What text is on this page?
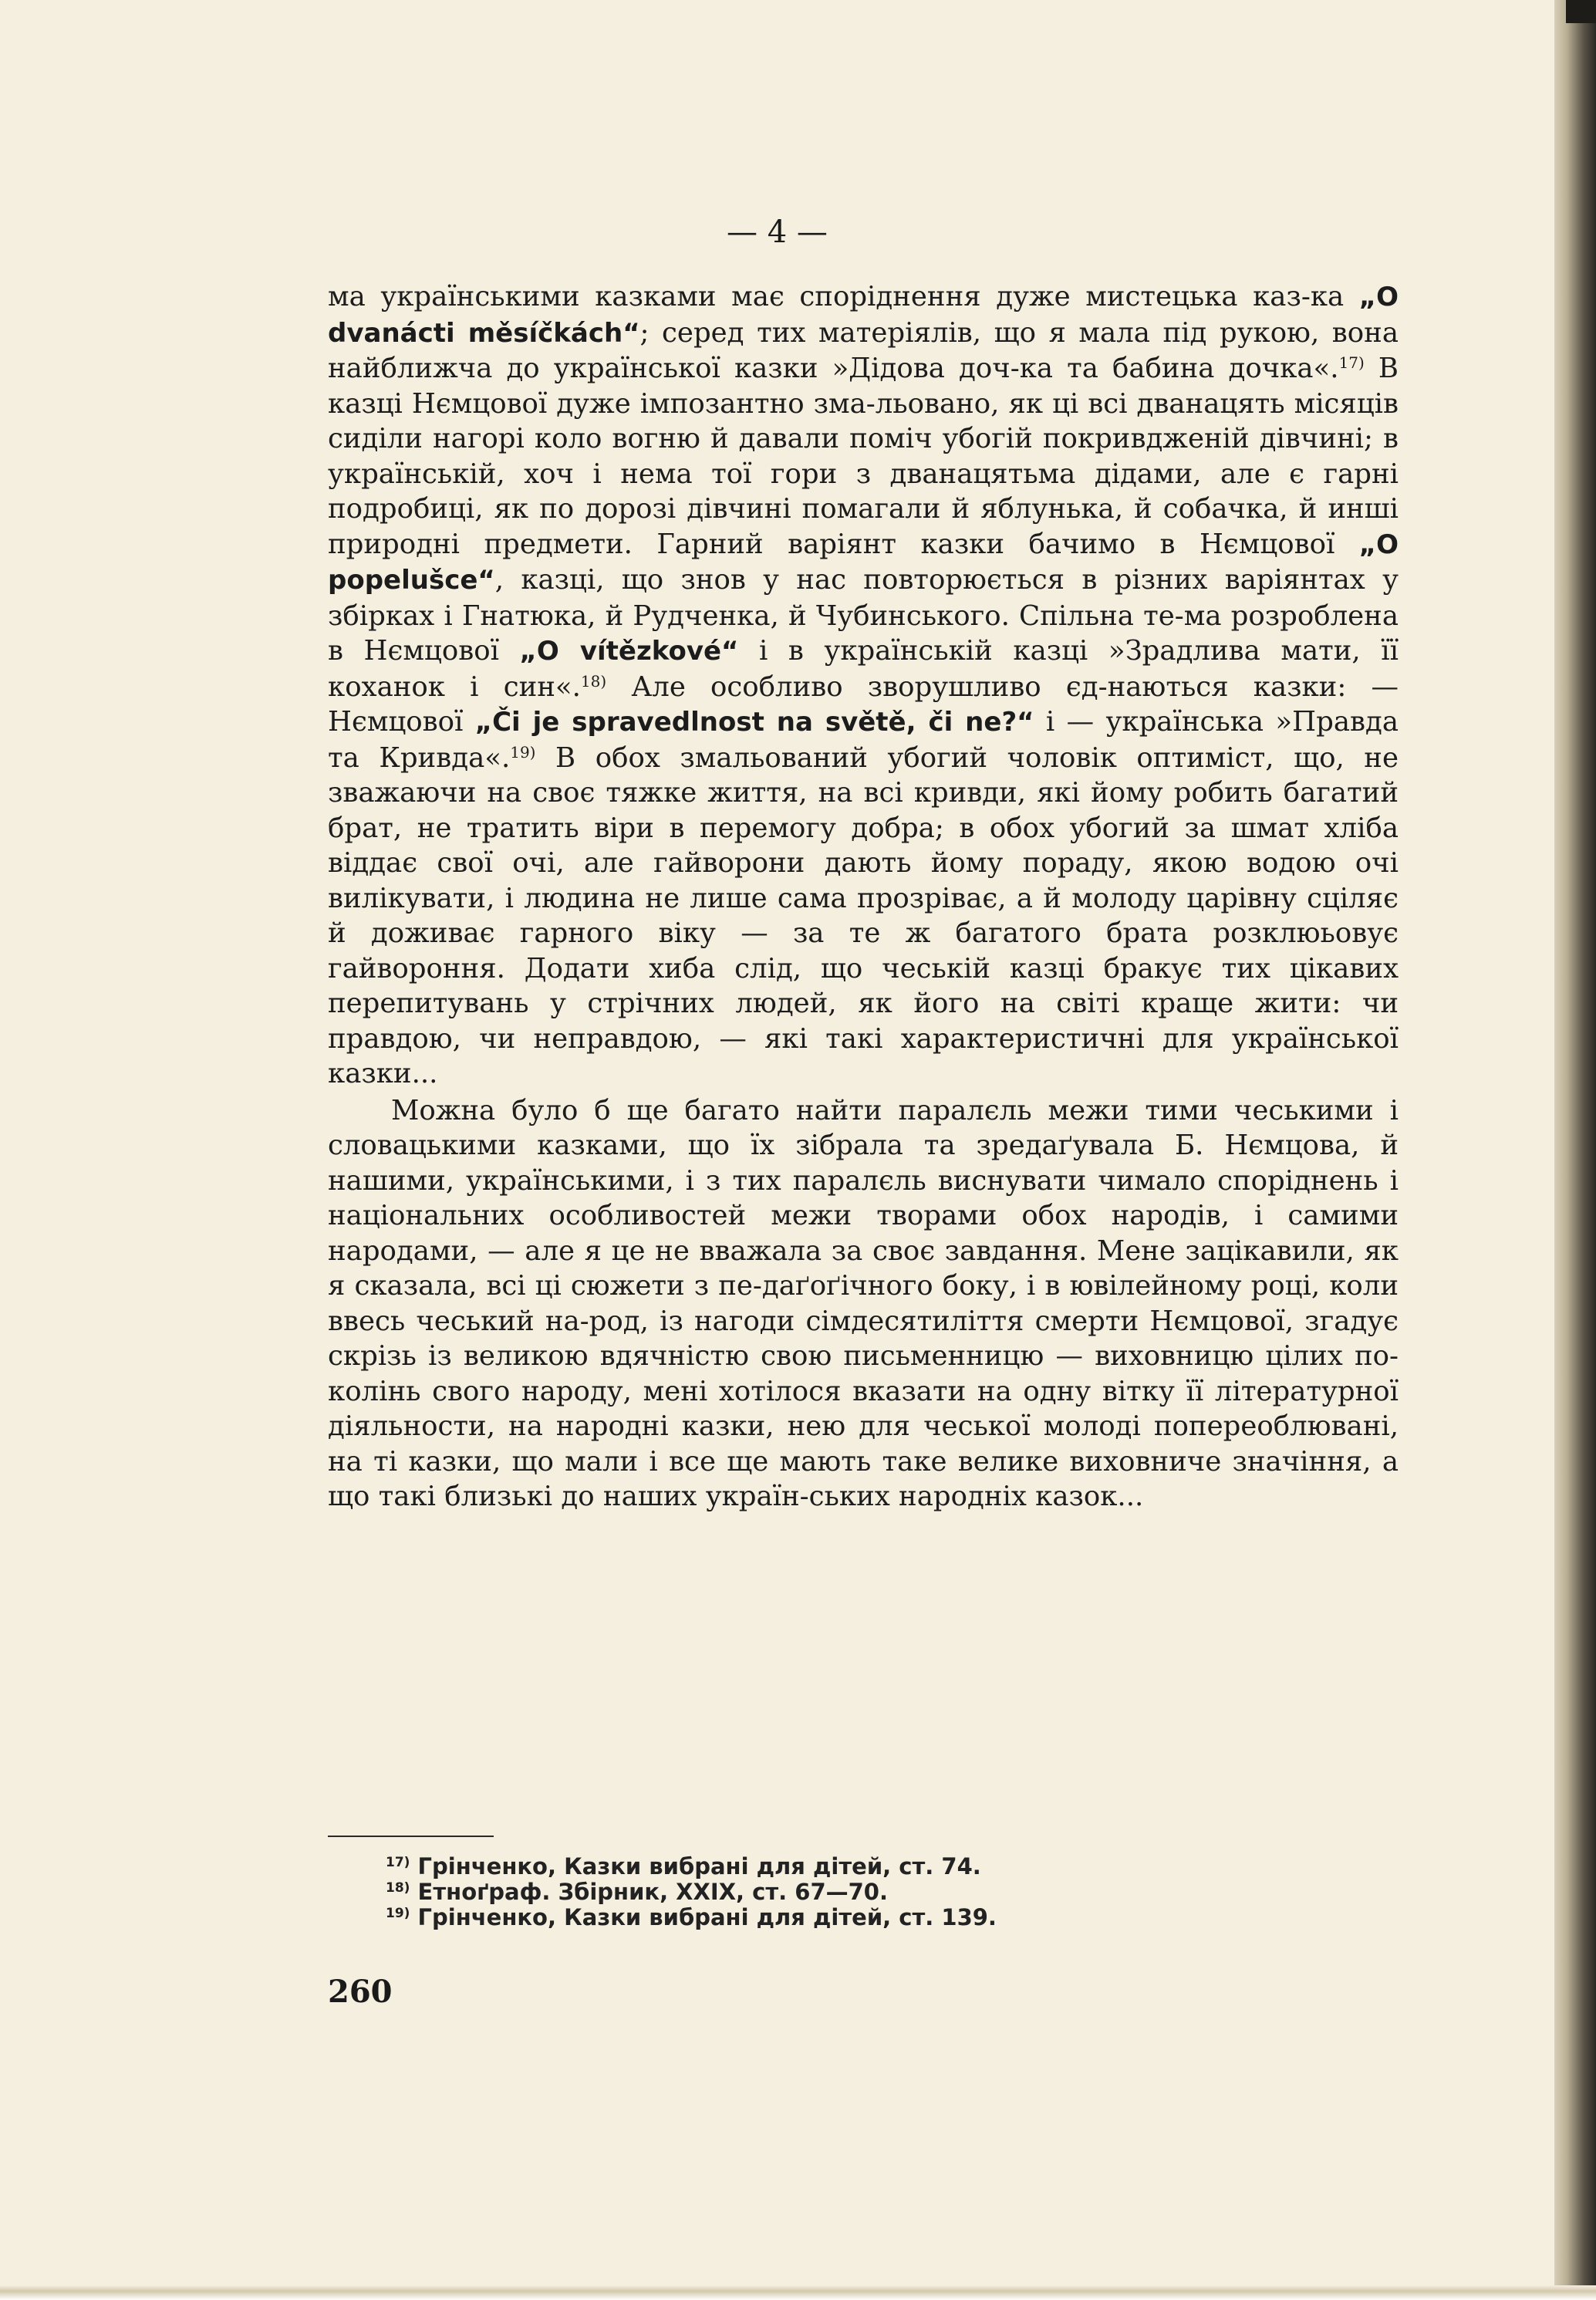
— 4 —

ма українськими казками має споріднення дуже мистецька каз-ка „O dvanácti měsíčkách“; серед тих матеріялів, що я мала під рукою, вона найближча до української казки »Дідова доч-ка та бабина дочка«.$^{17)}$ В казці Нємцової дуже імпозантно зма-льовано, як ці всі дванацять місяців сиділи нагорі коло вогню й давали поміч убогій покривдженій дівчині; в українській, хоч і нема тої гори з дванацятьма дідами, але є гарні подробиці, як по дорозі дівчині помагали й яблунька, й собачка, й инші природні предмети. Гарний варіянт казки бачимо в Нємцової „O popelušce“, казці, що знов у нас повторюється в різних варіянтах у збірках і Гнатюка, й Рудченка, й Чубинського. Спільна те-ма розроблена в Нємцової „O vítězkové“ і в українській казці »Зрадлива мати, її коханок і син«.$^{18)}$ Але особливо зворушливо єд-наються казки: — Нємцової „Či je spravedlnost na světě, či ne?“ і — українська »Правда та Кривда«.$^{19)}$ В обох змальований убогий чоловік оптиміст, що, не зважаючи на своє тяжке життя, на всі кривди, які йому робить багатий брат, не тратить віри в перемогу добра; в обох убогий за шмат хліба віддає свої очі, але гайворони дають йому пораду, якою водою очі вилікувати, і людина не лише сама прозріває, а й молоду царівну сціляє й доживає гарного віку — за те ж багатого брата розклюьовує гайвороння. Додати хиба слід, що чеській казці бракує тих цікавих перепитувань у стрічних людей, як його на світі краще жити: чи правдою, чи неправдою, — які такі характеристичні для української казки...

Можна було б ще багато найти паралєль межи тими чеськими і словацькими казками, що їх зібрала та зредаґувала Б. Нємцова, й нашими, українськими, і з тих паралєль виснувати чимало споріднень і національних особливостей межи творами обох народів, і самими народами, — але я це не вважала за своє завдання. Мене зацікавили, як я сказала, всі ці сюжети з пе-даґоґічного боку, і в ювілейному році, коли ввесь чеський на-род, із нагоди сімдесятиліття смерти Нємцової, згадує скрізь із великою вдячністю свою письменницю — виховницю цілих по-колінь свого народу, мені хотілося вказати на одну вітку її літературної діяльности, на народні казки, нею для чеської молоді попереоблювані, на ті казки, що мали і все ще мають таке велике виховниче значіння, а що такі близькі до наших україн-ських народніх казок...

$^{17)}$ Грінченко, Казки вибрані для дітей, ст. 74.
$^{18)}$ Етноґраф. Збірник, XXIX, ст. 67—70.
$^{19)}$ Грінченко, Казки вибрані для дітей, ст. 139.
260
